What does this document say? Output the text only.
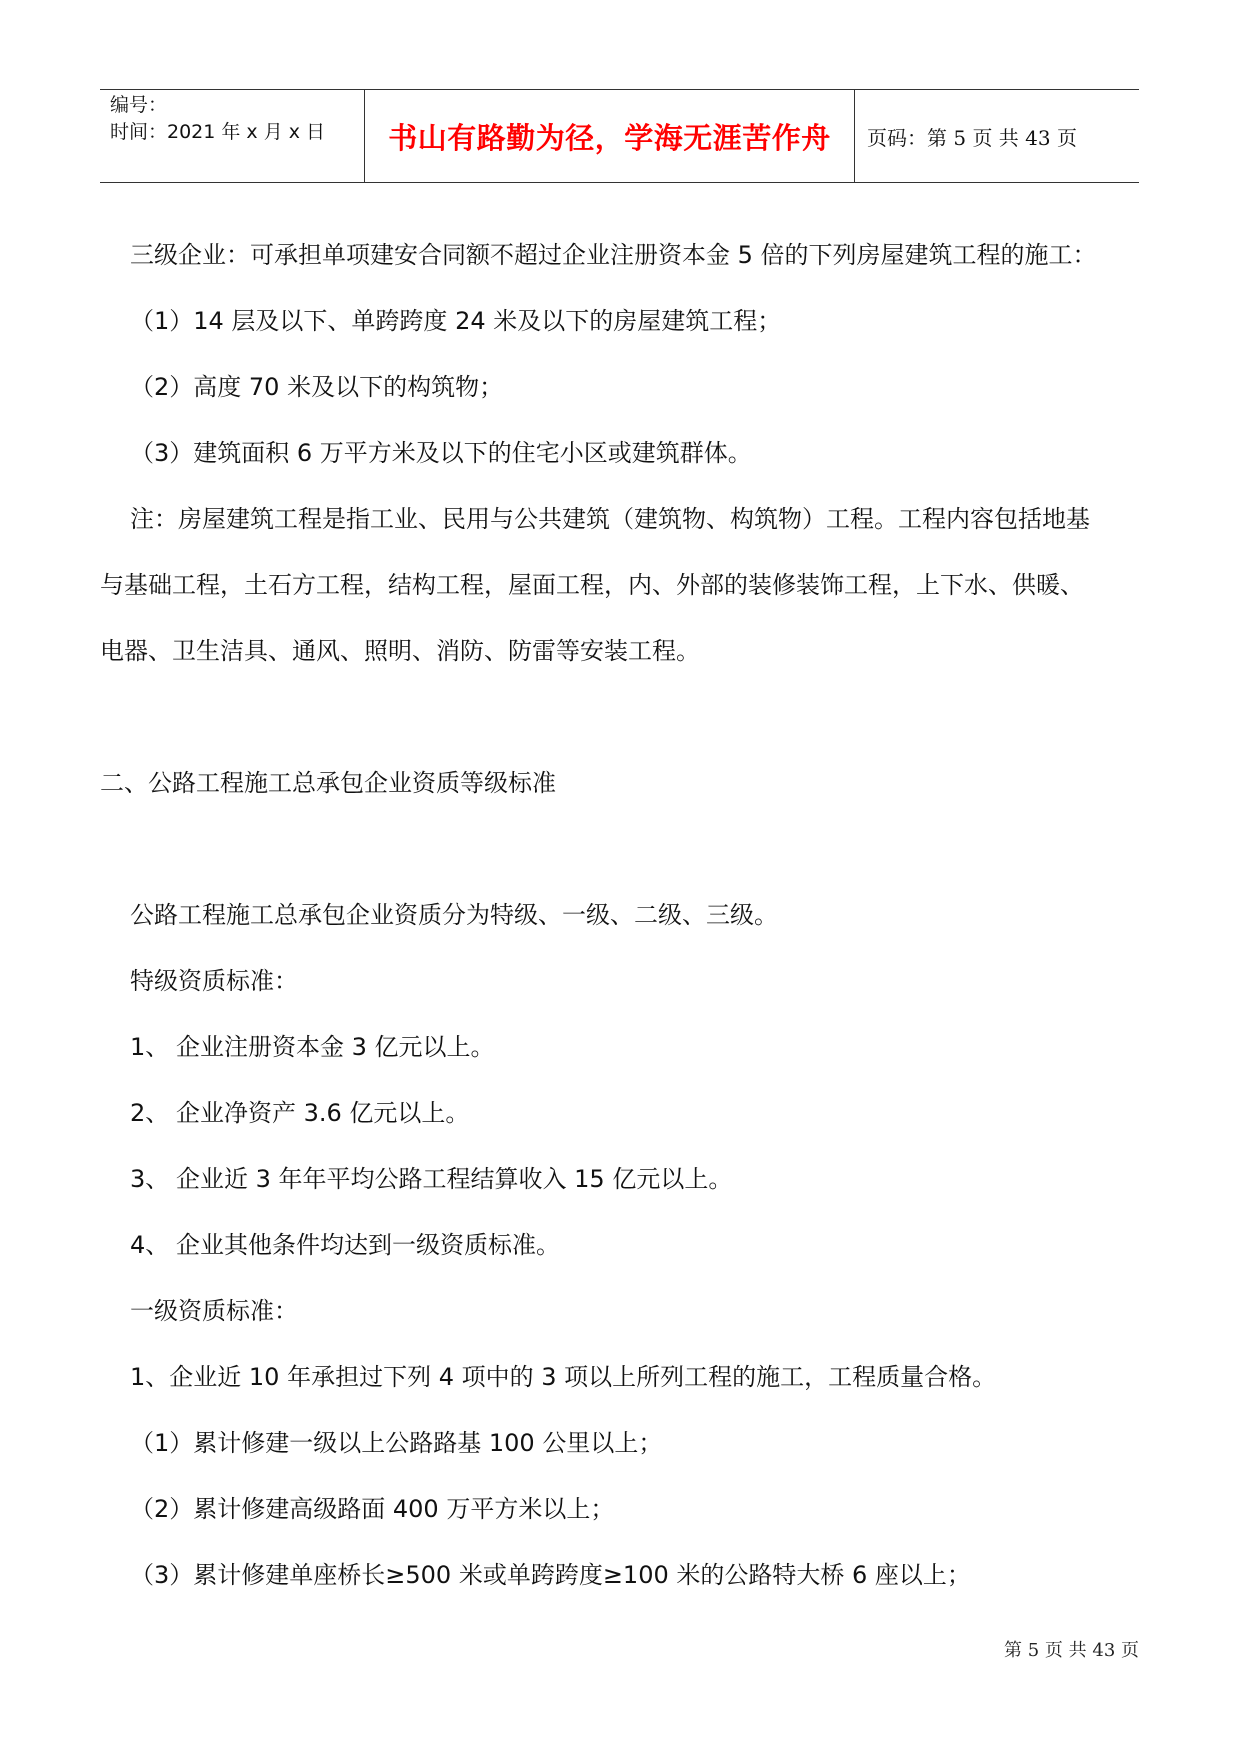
编号：
时间：2021 年 x 月 x 日	书山有路勤为径，学海无涯苦作舟 页码：第 5 页 共 43 页

三级企业：可承担单项建安合同额不超过企业注册资本金 5 倍的下列房屋建筑工程的施工：

（1）14 层及以下、单跨跨度 24 米及以下的房屋建筑工程；

（2）高度 70 米及以下的构筑物；

（3）建筑面积 6 万平方米及以下的住宅小区或建筑群体。

注：房屋建筑工程是指工业、民用与公共建筑（建筑物、构筑物）工程。工程内容包括地基

与基础工程，土石方工程，结构工程，屋面工程，内、外部的装修装饰工程，上下水、供暖、

电器、卫生洁具、通风、照明、消防、防雷等安装工程。

二、公路工程施工总承包企业资质等级标准

公路工程施工总承包企业资质分为特级、一级、二级、三级。

特级资质标准：

1、 企业注册资本金 3 亿元以上。

2、 企业净资产 3.6 亿元以上。

3、 企业近 3 年年平均公路工程结算收入 15 亿元以上。

4、 企业其他条件均达到一级资质标准。

一级资质标准：

1、企业近 10 年承担过下列 4 项中的 3 项以上所列工程的施工，工程质量合格。

（1）累计修建一级以上公路路基 100 公里以上；

（2）累计修建高级路面 400 万平方米以上；

（3）累计修建单座桥长≥500 米或单跨跨度≥100 米的公路特大桥 6 座以上；

第 5 页 共 43 页
